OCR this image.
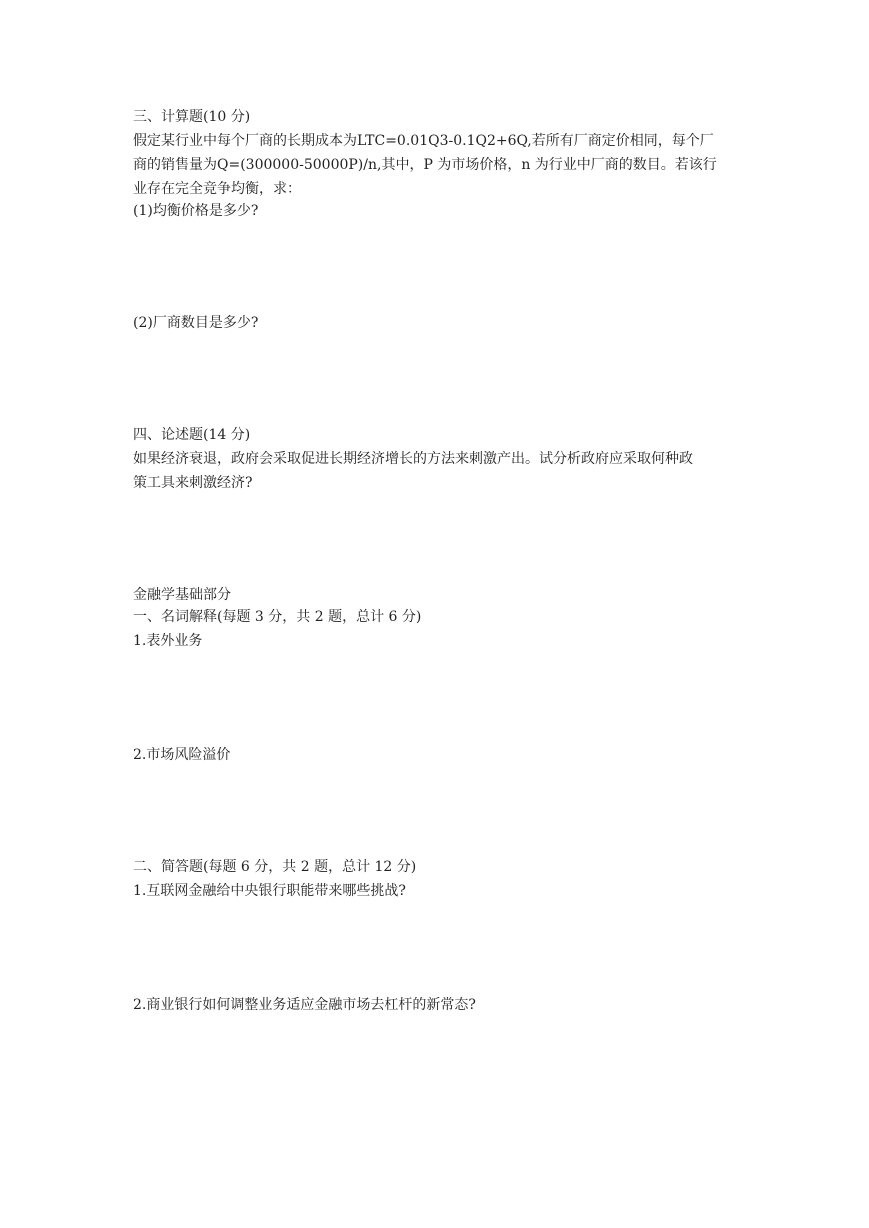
三、计算题(10 分)
假定某行业中每个厂商的长期成本为LTC=0.01Q3-0.1Q2+6Q,若所有厂商定价相同，每个厂
商的销售量为Q=(300000-50000P)/n,其中，P 为市场价格，n 为行业中厂商的数目。若该行
业存在完全竞争均衡，求：
(1)均衡价格是多少?
(2)厂商数目是多少?
四、论述题(14 分)
如果经济衰退，政府会采取促进长期经济增长的方法来刺激产出。试分析政府应采取何种政
策工具来刺激经济?
金融学基础部分
一、名词解释(每题 3 分，共 2 题，总计 6 分)
1.表外业务
2.市场风险溢价
二、简答题(每题 6 分，共 2 题，总计 12 分)
1.互联网金融给中央银行职能带来哪些挑战?
2.商业银行如何调整业务适应金融市场去杠杆的新常态?
